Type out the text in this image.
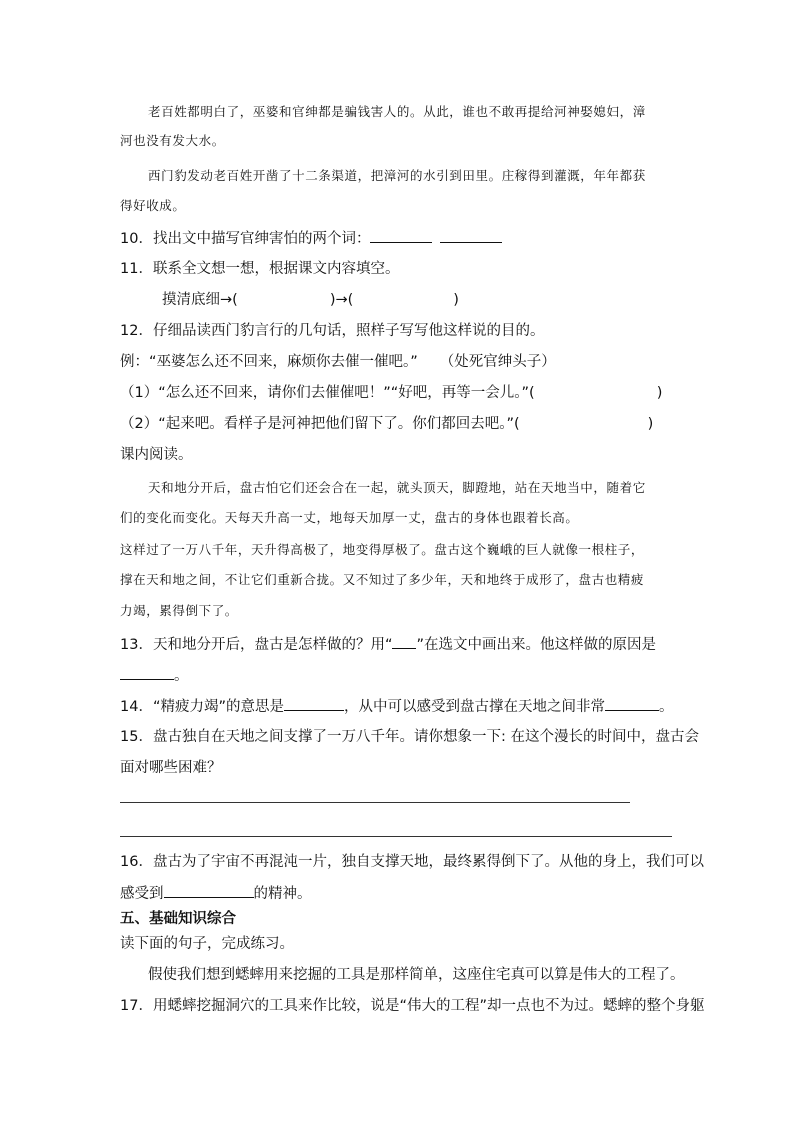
老百姓都明白了，巫婆和官绅都是骗钱害人的。从此，谁也不敢再提给河神娶媳妇，漳
河也没有发大水。
西门豹发动老百姓开凿了十二条渠道，把漳河的水引到田里。庄稼得到灌溉，年年都获
得好收成。
10．找出文中描写官绅害怕的两个词：
11．联系全文想一想，根据课文内容填空。
摸清底细→(	)→(	)
12．仔细品读西门豹言行的几句话，照样子写写他这样说的目的。
例：“巫婆怎么还不回来，麻烦你去催一催吧。” （处死官绅头子）
（1）“怎么还不回来，请你们去催催吧！”“好吧，再等一会儿。”(	)
（2）“起来吧。看样子是河神把他们留下了。你们都回去吧。”(	)
课内阅读。
天和地分开后，盘古怕它们还会合在一起，就头顶天，脚蹬地，站在天地当中，随着它
们的变化而变化。天每天升高一丈，地每天加厚一丈，盘古的身体也跟着长高。
这样过了一万八千年，天升得高极了，地变得厚极了。盘古这个巍峨的巨人就像一根柱子，
撑在天和地之间，不让它们重新合拢。又不知过了多少年，天和地终于成形了，盘古也精疲
力竭，累得倒下了。
13．天和地分开后，盘古是怎样做的？用“ ”在选文中画出来。他这样做的原因是
。
14．“精疲力竭”的意思是	，从中可以感受到盘古撑在天地之间非常	。
15．盘古独自在天地之间支撑了一万八千年。请你想象一下: 在这个漫长的时间中，盘古会
面对哪些困难？
16．盘古为了宇宙不再混沌一片，独自支撑天地，最终累得倒下了。从他的身上，我们可以
感受到	的精神。
五、基础知识综合
读下面的句子，完成练习。
假使我们想到蟋蟀用来挖掘的工具是那样简单，这座住宅真可以算是伟大的工程了。
17．用蟋蟀挖掘洞穴的工具来作比较，说是“伟大的工程”却一点也不为过。蟋蟀的整个身躯
